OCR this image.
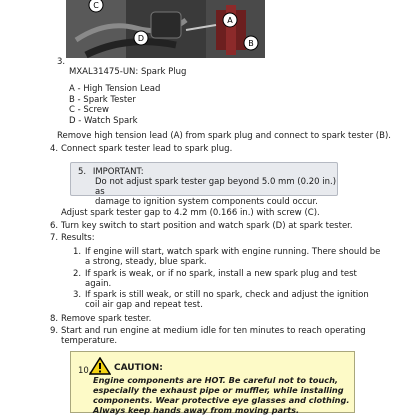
C
A
D
B
3.
MXAL31475-UN: Spark Plug
A - High Tension Lead
B - Spark Tester
C - Screw
D - Watch Spark
Remove high tension lead (A) from spark plug and connect to spark tester (B).
4. Connect spark tester lead to spark plug.
5. IMPORTANT:
Do not adjust spark tester gap beyond 5.0 mm (0.20 in.) as
damage to ignition system components could occur.
Adjust spark tester gap to 4.2 mm (0.166 in.) with screw (C).
6. Turn key switch to start position and watch spark (D) at spark tester.
7. Results:
1. If engine will start, watch spark with engine running. There should be
a strong, steady, blue spark.
2. If spark is weak, or if no spark, install a new spark plug and test
again.
3. If spark is still weak, or still no spark, check and adjust the ignition
coil air gap and repeat test.
8. Remove spark tester.
9. Start and run engine at medium idle for ten minutes to reach operating
temperature.
10. CAUTION:
Engine components are HOT. Be careful not to touch,
especially the exhaust pipe or muffler, while installing
components. Wear protective eye glasses and clothing.
Always keep hands away from moving parts.
